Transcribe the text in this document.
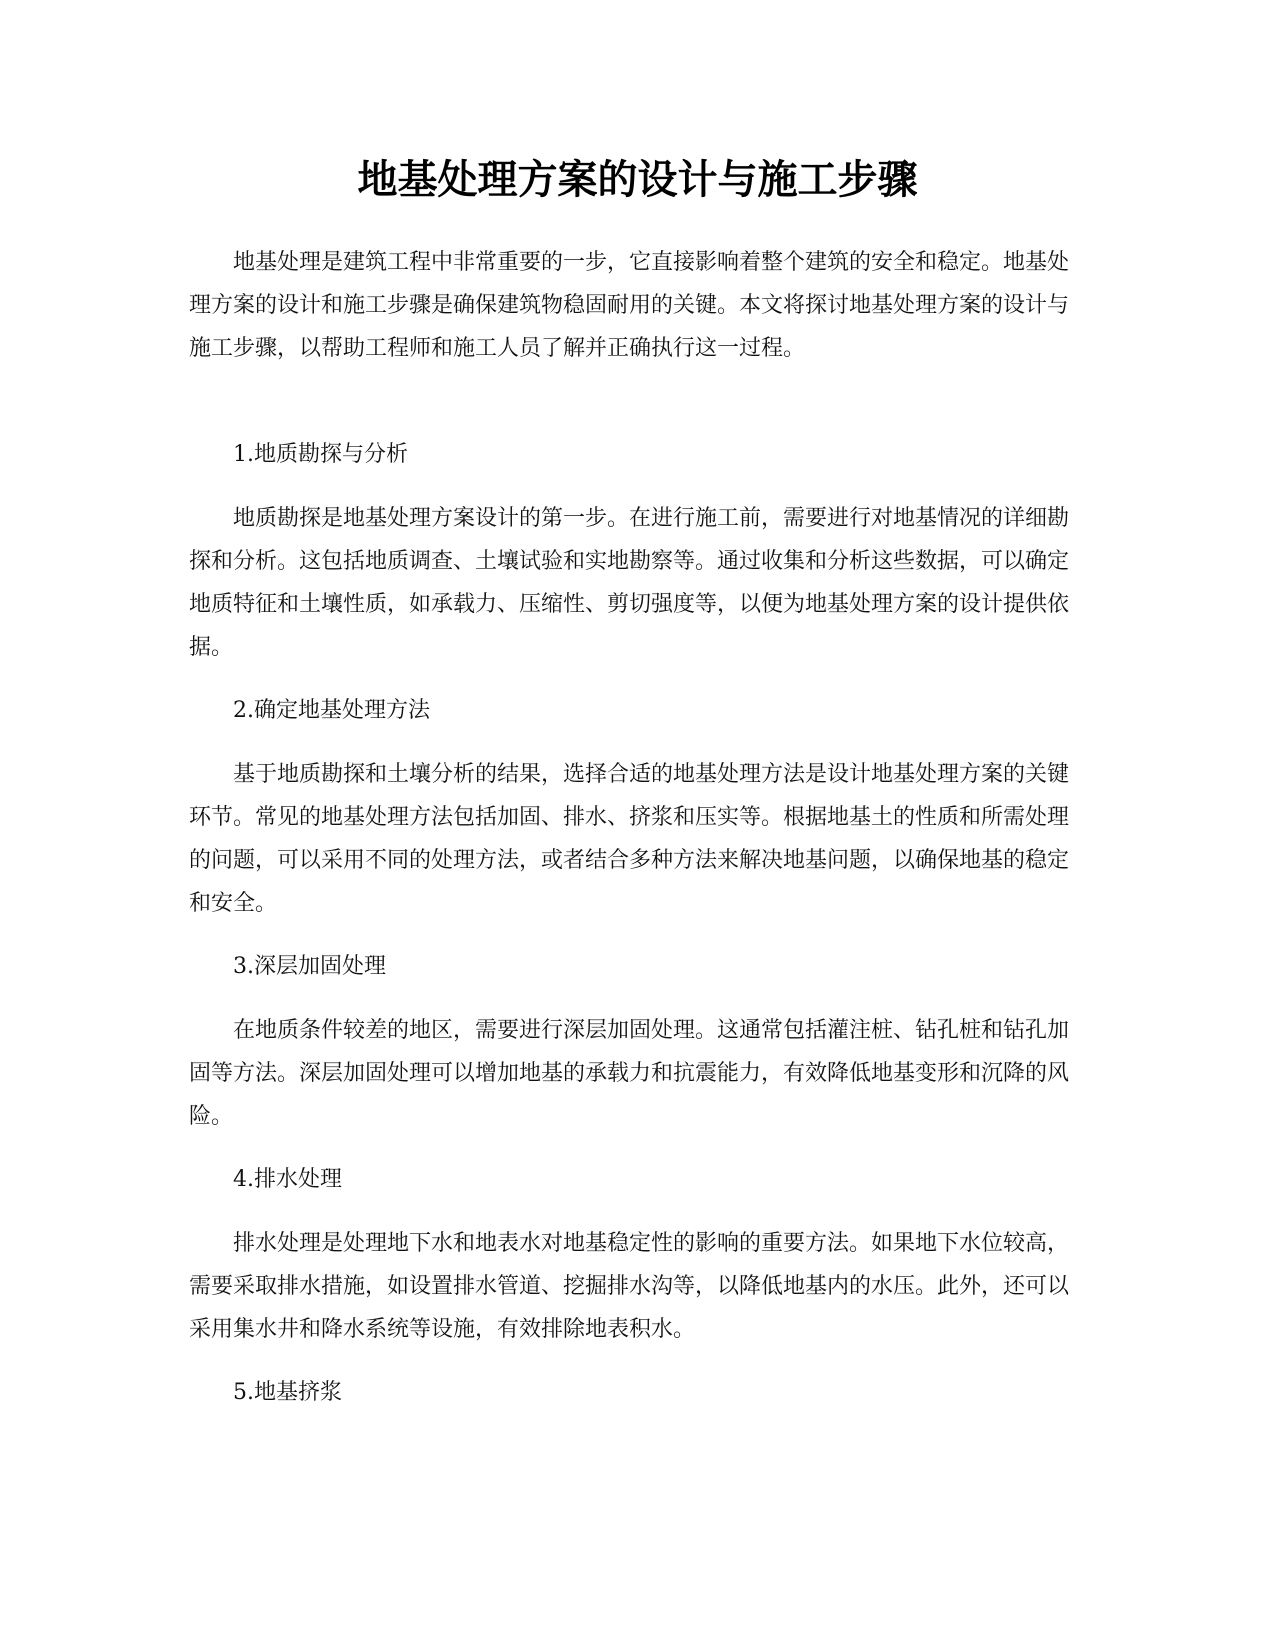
地基处理方案的设计与施工步骤

地基处理是建筑工程中非常重要的一步，它直接影响着整个建筑的安全和稳定。地基处理方案的设计和施工步骤是确保建筑物稳固耐用的关键。本文将探讨地基处理方案的设计与施工步骤，以帮助工程师和施工人员了解并正确执行这一过程。

1.地质勘探与分析

地质勘探是地基处理方案设计的第一步。在进行施工前，需要进行对地基情况的详细勘探和分析。这包括地质调查、土壤试验和实地勘察等。通过收集和分析这些数据，可以确定地质特征和土壤性质，如承载力、压缩性、剪切强度等，以便为地基处理方案的设计提供依据。

2.确定地基处理方法

基于地质勘探和土壤分析的结果，选择合适的地基处理方法是设计地基处理方案的关键环节。常见的地基处理方法包括加固、排水、挤浆和压实等。根据地基土的性质和所需处理的问题，可以采用不同的处理方法，或者结合多种方法来解决地基问题，以确保地基的稳定和安全。

3.深层加固处理

在地质条件较差的地区，需要进行深层加固处理。这通常包括灌注桩、钻孔桩和钻孔加固等方法。深层加固处理可以增加地基的承载力和抗震能力，有效降低地基变形和沉降的风险。

4.排水处理

排水处理是处理地下水和地表水对地基稳定性的影响的重要方法。如果地下水位较高，需要采取排水措施，如设置排水管道、挖掘排水沟等，以降低地基内的水压。此外，还可以采用集水井和降水系统等设施，有效排除地表积水。

5.地基挤浆
